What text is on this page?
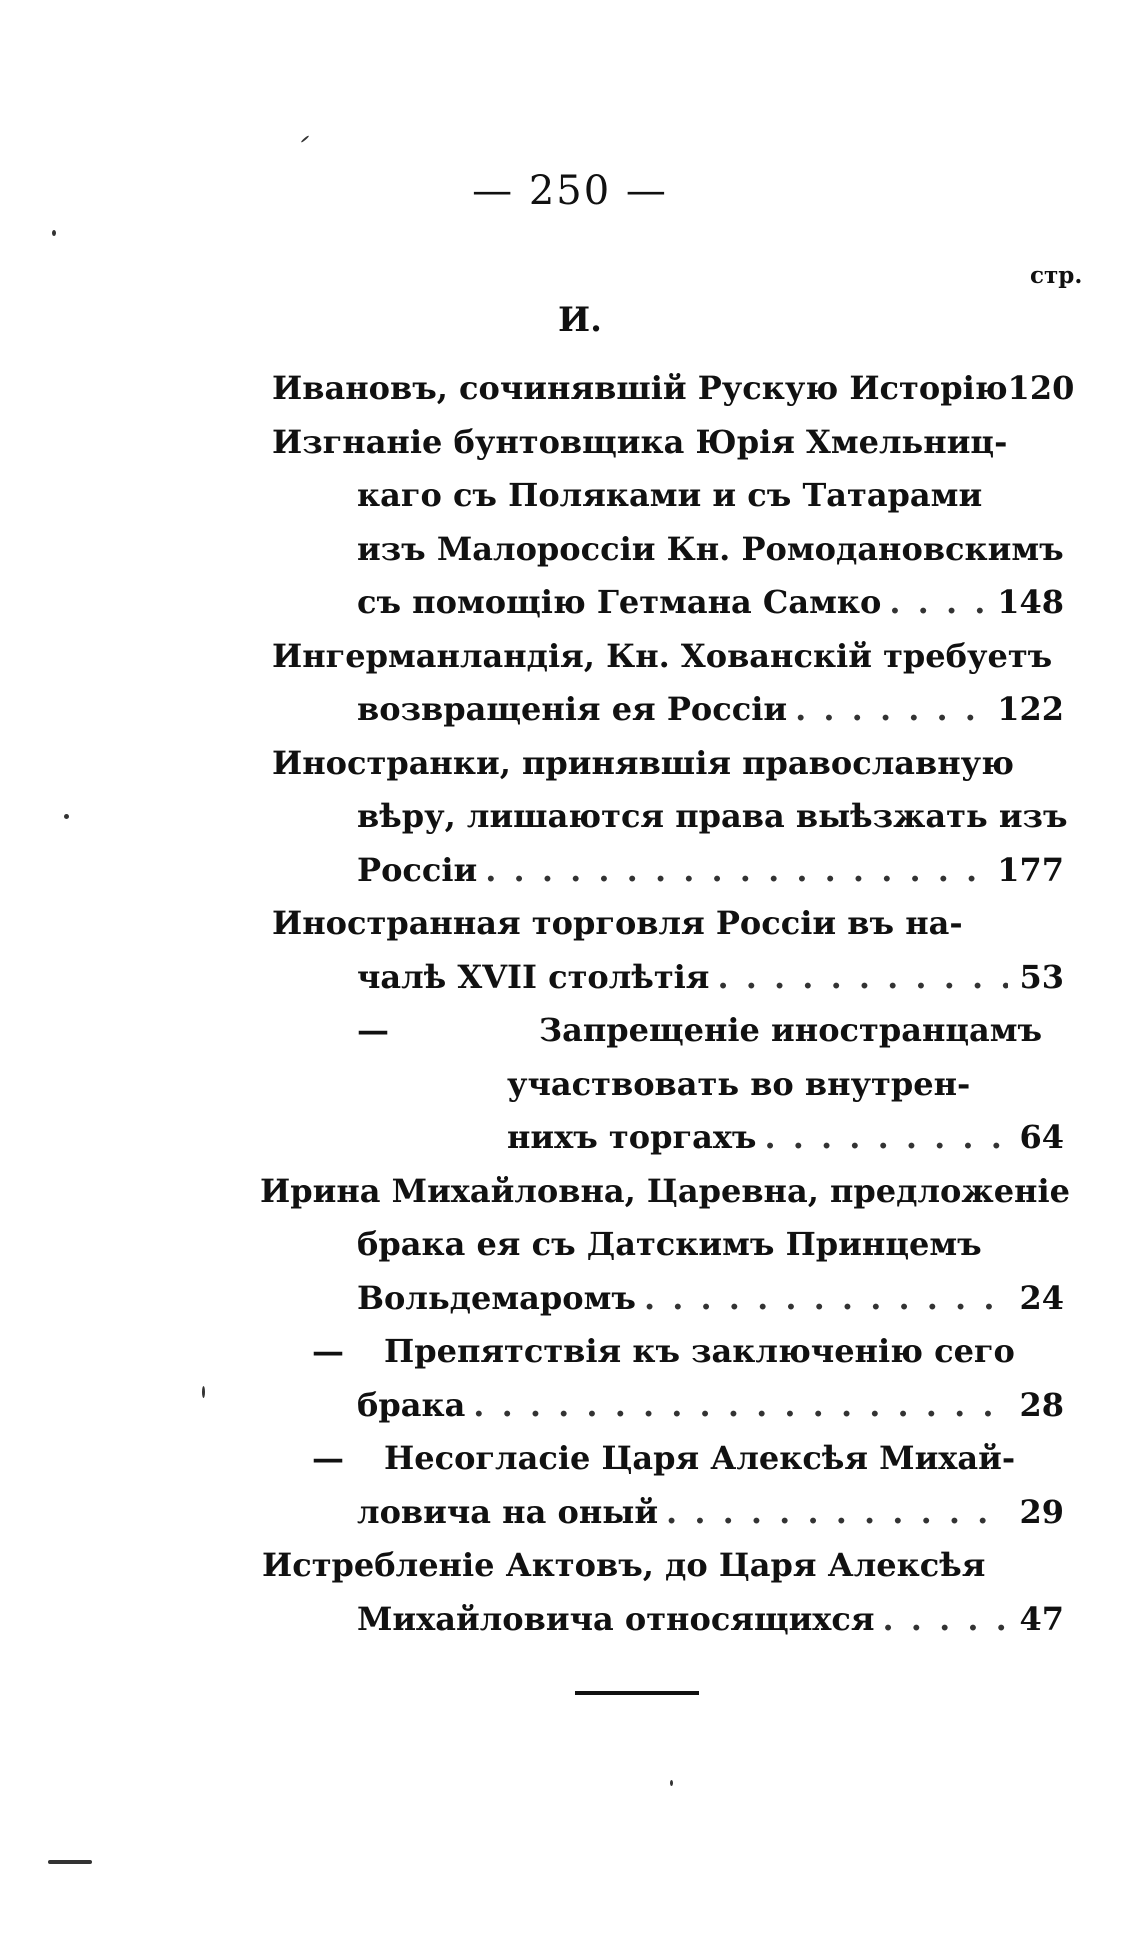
— 250 —
стр.
И.
Ивановъ, сочинявшій Рускую Исторію 120
Изгнаніе бунтовщика Юрія Хмельниц-
каго съ Поляками и съ Татарами
изъ Малороссіи Кн. Ромодановскимъ
съ помощію Гетмана Самко . . .	148
Ингерманландія, Кн. Хованскій требуетъ
возвращенія ея Россіи . . .	122
Иностранки, принявшія православную
вѣру, лишаются права выѣзжать изъ
Россіи . . .	177
Иностранная торговля Россіи въ на-
чалѣ XVII столѣтія . . .	53
—	Запрещеніе иностранцамъ
участвовать во внутрен-
нихъ торгахъ . . .	64
Ирина Михайловна, Царевна, предложеніе
брака ея съ Датскимъ Принцемъ
Вольдемаромъ . . .	24
— Препятствія къ заключенію сего
брака . . .	28
— Несогласіе Царя Алексѣя Михай-
ловича на оный . . .	29
Истребленіе Актовъ, до Царя Алексѣя
Михайловича относящихся . . .	47
